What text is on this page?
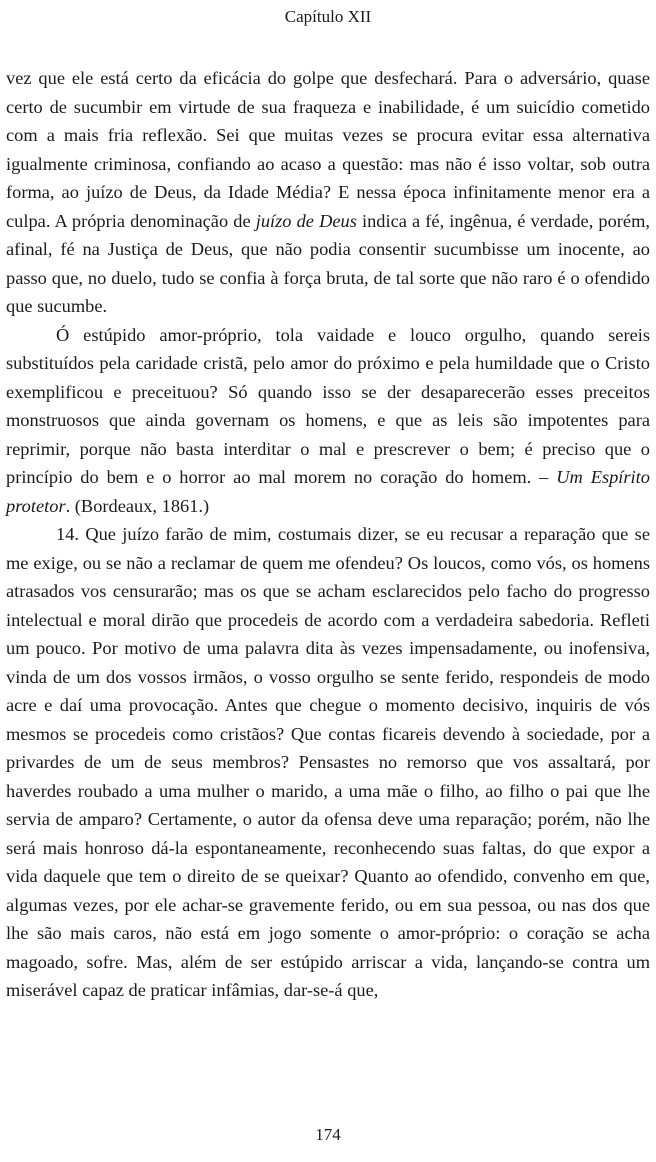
Capítulo XII

vez que ele está certo da eficácia do golpe que desfechará. Para o adversário, quase certo de sucumbir em virtude de sua fraqueza e inabilidade, é um suicídio cometido com a mais fria reflexão. Sei que muitas vezes se procura evitar essa alternativa igualmente criminosa, confiando ao acaso a questão: mas não é isso voltar, sob outra forma, ao juízo de Deus, da Idade Média? E nessa época infinitamente menor era a culpa. A própria denominação de juízo de Deus indica a fé, ingênua, é verdade, porém, afinal, fé na Justiça de Deus, que não podia consentir sucumbisse um inocente, ao passo que, no duelo, tudo se confia à força bruta, de tal sorte que não raro é o ofendido que sucumbe.

Ó estúpido amor-próprio, tola vaidade e louco orgulho, quando sereis substituídos pela caridade cristã, pelo amor do próximo e pela humildade que o Cristo exemplificou e preceituou? Só quando isso se der desaparecerão esses preceitos monstruosos que ainda governam os homens, e que as leis são impotentes para reprimir, porque não basta interditar o mal e prescrever o bem; é preciso que o princípio do bem e o horror ao mal morem no coração do homem. – Um Espírito protetor. (Bordeaux, 1861.)

14. Que juízo farão de mim, costumais dizer, se eu recusar a reparação que se me exige, ou se não a reclamar de quem me ofendeu? Os loucos, como vós, os homens atrasados vos censurarão; mas os que se acham esclarecidos pelo facho do progresso intelectual e moral dirão que procedeis de acordo com a verdadeira sabedoria. Refleti um pouco. Por motivo de uma palavra dita às vezes impensadamente, ou inofensiva, vinda de um dos vossos irmãos, o vosso orgulho se sente ferido, respondeis de modo acre e daí uma provocação. Antes que chegue o momento decisivo, inquiris de vós mesmos se procedeis como cristãos? Que contas ficareis devendo à sociedade, por a privardes de um de seus membros? Pensastes no remorso que vos assaltará, por haverdes roubado a uma mulher o marido, a uma mãe o filho, ao filho o pai que lhe servia de amparo? Certamente, o autor da ofensa deve uma reparação; porém, não lhe será mais honroso dá-la espontaneamente, reconhecendo suas faltas, do que expor a vida daquele que tem o direito de se queixar? Quanto ao ofendido, convenho em que, algumas vezes, por ele achar-se gravemente ferido, ou em sua pessoa, ou nas dos que lhe são mais caros, não está em jogo somente o amor-próprio: o coração se acha magoado, sofre. Mas, além de ser estúpido arriscar a vida, lançando-se contra um miserável capaz de praticar infâmias, dar-se-á que,

174
